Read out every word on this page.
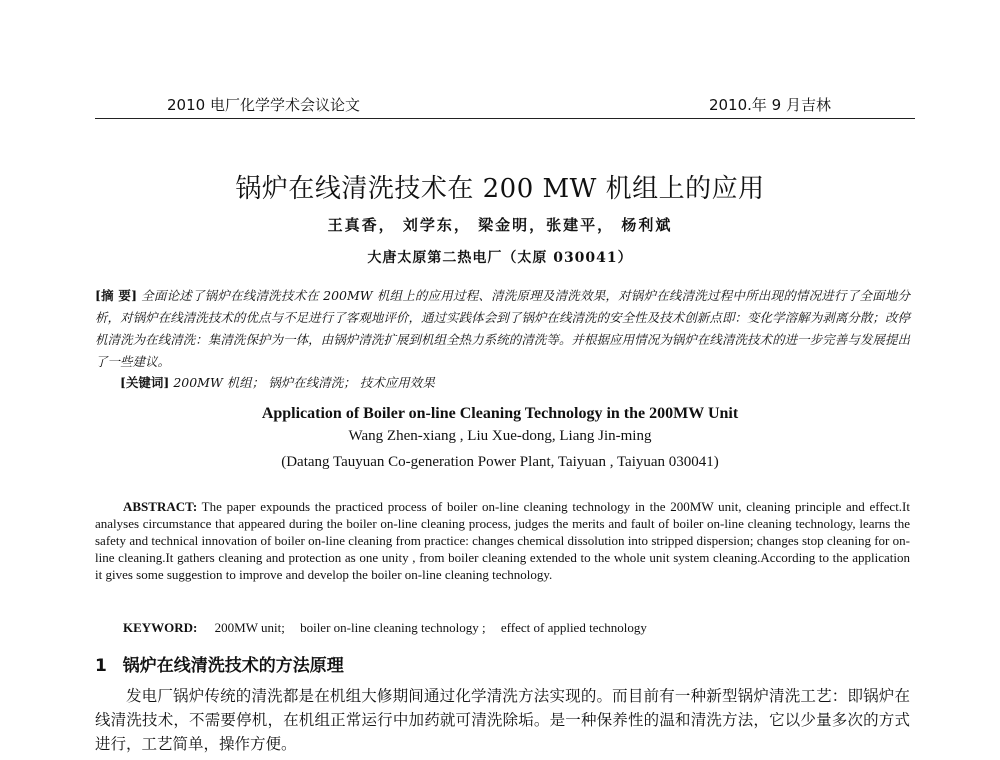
2010 电厂化学学术会议论文	2010.年 9 月吉林
锅炉在线清洗技术在 200 MW 机组上的应用
王真香， 刘学东， 梁金明，张建平， 杨利斌
大唐太原第二热电厂（太原 030041）
[摘 要] 全面论述了锅炉在线清洗技术在 200MW 机组上的应用过程、清洗原理及清洗效果，对锅炉在线清洗过程中所出现的情况进行了全面地分析，对锅炉在线清洗技术的优点与不足进行了客观地评价，通过实践体会到了锅炉在线清洗的安全性及技术创新点即：变化学溶解为剥离分散；改停机清洗为在线清洗：集清洗保护为一体，由锅炉清洗扩展到机组全热力系统的清洗等。并根据应用情况为锅炉在线清洗技术的进一步完善与发展提出了一些建议。
[关键词] 200MW 机组； 锅炉在线清洗； 技术应用效果
Application of Boiler on-line Cleaning Technology in the 200MW Unit
Wang Zhen-xiang , Liu Xue-dong, Liang Jin-ming
(Datang Tauyuan Co-generation Power Plant, Taiyuan , Taiyuan 030041)
ABSTRACT: The paper expounds the practiced process of boiler on-line cleaning technology in the 200MW unit, cleaning principle and effect.It analyses circumstance that appeared during the boiler on-line cleaning process, judges the merits and fault of boiler on-line cleaning technology, learns the safety and technical innovation of boiler on-line cleaning from practice: changes chemical dissolution into stripped dispersion; changes stop cleaning for on-line cleaning.It gathers cleaning and protection as one unity , from boiler cleaning extended to the whole unit system cleaning.According to the application it gives some suggestion to improve and develop the boiler on-line cleaning technology.
KEYWORD: 200MW unit; boiler on-line cleaning technology ; effect of applied technology
1 锅炉在线清洗技术的方法原理
发电厂锅炉传统的清洗都是在机组大修期间通过化学清洗方法实现的。而目前有一种新型锅炉清洗工艺：即锅炉在线清洗技术，不需要停机，在机组正常运行中加药就可清洗除垢。是一种保养性的温和清洗方法，它以少量多次的方式进行，工艺简单，操作方便。
